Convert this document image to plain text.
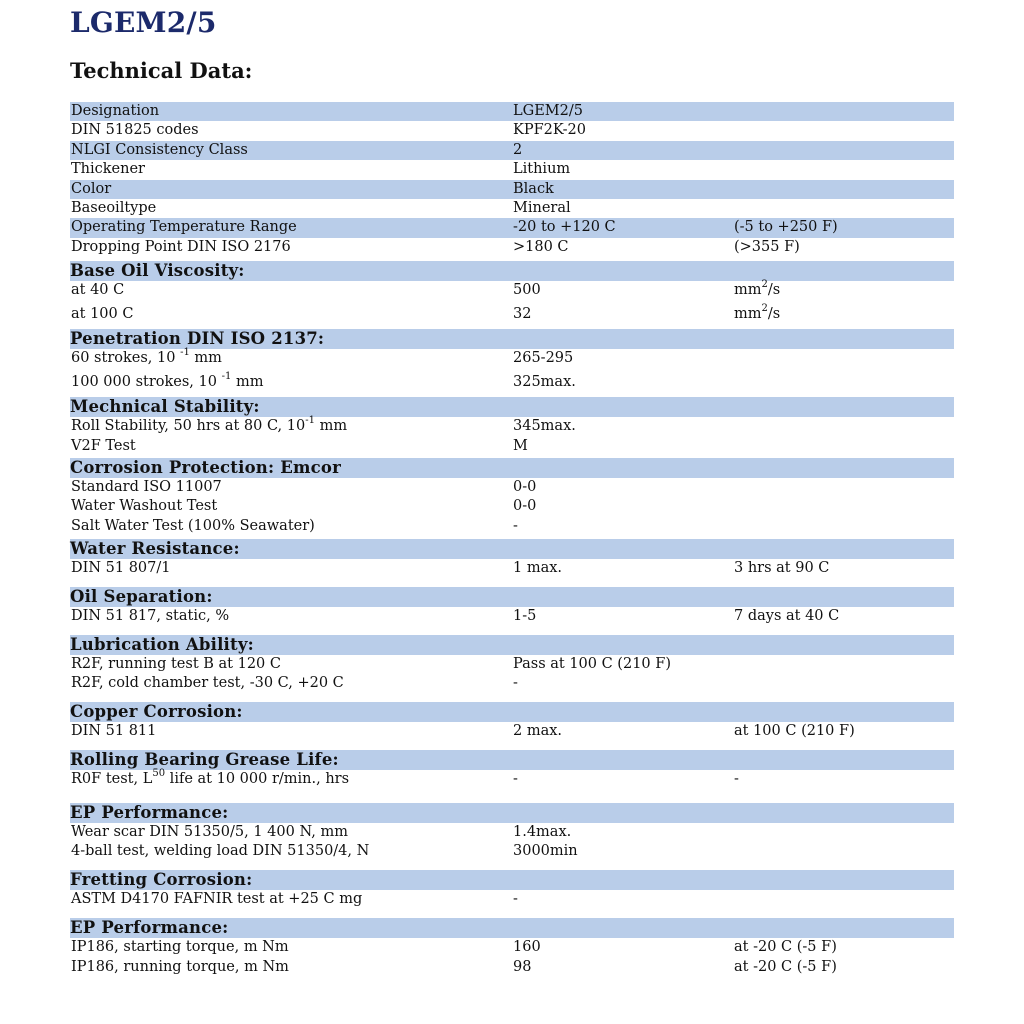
LGEM2/5
Technical Data:
Designation	LGEM2/5
DIN 51825 codes	KPF2K-20
NLGI Consistency Class	2
Thickener	Lithium
Color	Black
Baseoiltype	Mineral
Operating Temperature Range	-20 to +120 C	(-5 to +250 F)
Dropping Point DIN ISO 2176	>180 C	(>355 F)
Base Oil Viscosity:
at 40 C	500	$mm^2/s$
at 100 C	32	$mm^2/s$
Penetration DIN ISO 2137:
60 strokes, 10 $^{-1}$ mm	265-295
100 000 strokes, 10 $^{-1}$ mm	325max.
Mechnical Stability:
Roll Stability, 50 hrs at 80 C, $10^{-1}$ mm	345max.
V2F Test	M
Corrosion Protection: Emcor
Standard ISO 11007	0-0
Water Washout Test	0-0
Salt Water Test (100% Seawater)	-
Water Resistance:
DIN 51 807/1	1 max.	3 hrs at 90 C
Oil Separation:
DIN 51 817, static, %	1-5	7 days at 40 C
Lubrication Ability:
R2F, running test B at 120 C	Pass at 100 C (210 F)
R2F, cold chamber test, -30 C, +20 C	-
Copper Corrosion:
DIN 51 811	2 max.	at 100 C (210 F)
Rolling Bearing Grease Life:
R0F test, $L^{50}$ life at 10 000 r/min., hrs	-	-
EP Performance:
Wear scar DIN 51350/5, 1 400 N, mm	1.4max.
4-ball test, welding load DIN 51350/4, N	3000min
Fretting Corrosion:
ASTM D4170 FAFNIR test at +25 C mg	-
EP Performance:
IP186, starting torque, m Nm	160	at -20 C (-5 F)
IP186, running torque, m Nm	98	at -20 C (-5 F)
